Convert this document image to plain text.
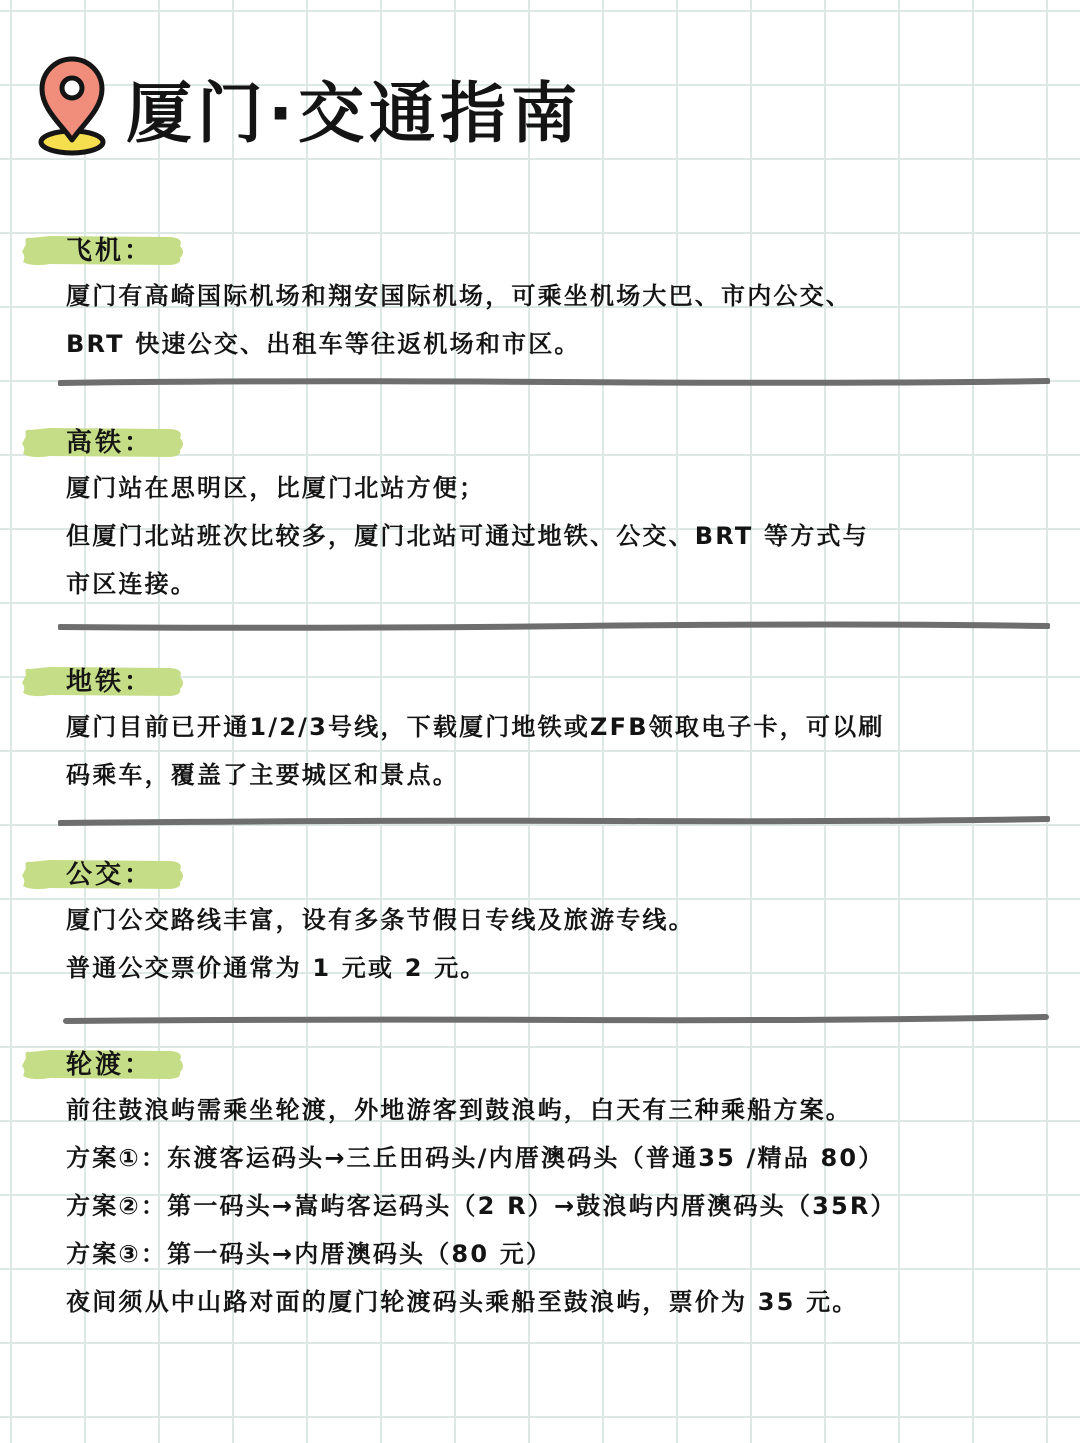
厦门·交通指南
飞机：
厦门有高崎国际机场和翔安国际机场，可乘坐机场大巴、市内公交、
BRT 快速公交、出租车等往返机场和市区。
高铁：
厦门站在思明区，比厦门北站方便；
但厦门北站班次比较多，厦门北站可通过地铁、公交、BRT 等方式与
市区连接。
地铁：
厦门目前已开通1/2/3号线，下载厦门地铁或ZFB领取电子卡，可以刷
码乘车，覆盖了主要城区和景点。
公交：
厦门公交路线丰富，设有多条节假日专线及旅游专线。
普通公交票价通常为 1 元或 2 元。
轮渡：
前往鼓浪屿需乘坐轮渡，外地游客到鼓浪屿，白天有三种乘船方案。
方案①：东渡客运码头→三丘田码头/内厝澳码头（普通35 /精品 80）
方案②：第一码头→嵩屿客运码头（2 R）→鼓浪屿内厝澳码头（35R）
方案③：第一码头→内厝澳码头（80 元）
夜间须从中山路对面的厦门轮渡码头乘船至鼓浪屿，票价为 35 元。
